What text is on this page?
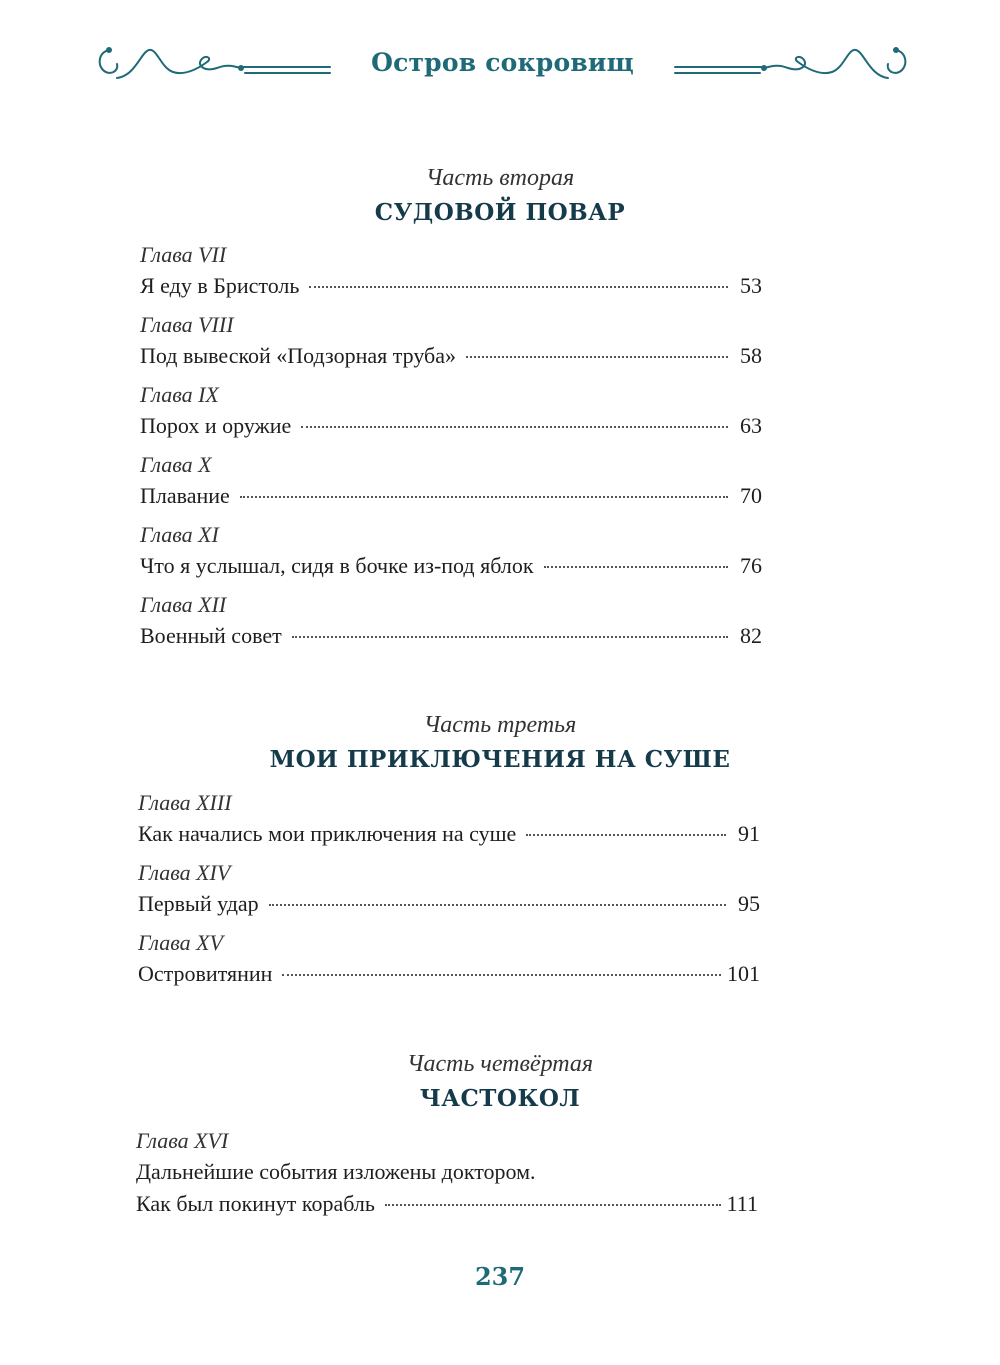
Остров сокровищ
Часть вторая
СУДОВОЙ ПОВАР
Глава VII
Я еду в Бристоль	53
Глава VIII
Под вывеской «Подзорная труба»	58
Глава IX
Порох и оружие	63
Глава X
Плавание	70
Глава XI
Что я услышал, сидя в бочке из-под яблок	76
Глава XII
Военный совет	82
Часть третья
МОИ ПРИКЛЮЧЕНИЯ НА СУШЕ
Глава XIII
Как начались мои приключения на суше	91
Глава XIV
Первый удар	95
Глава XV
Островитянин	101
Часть четвёртая
ЧАСТОКОЛ
Глава XVI
Дальнейшие события изложены доктором.
Как был покинут корабль	111
237
